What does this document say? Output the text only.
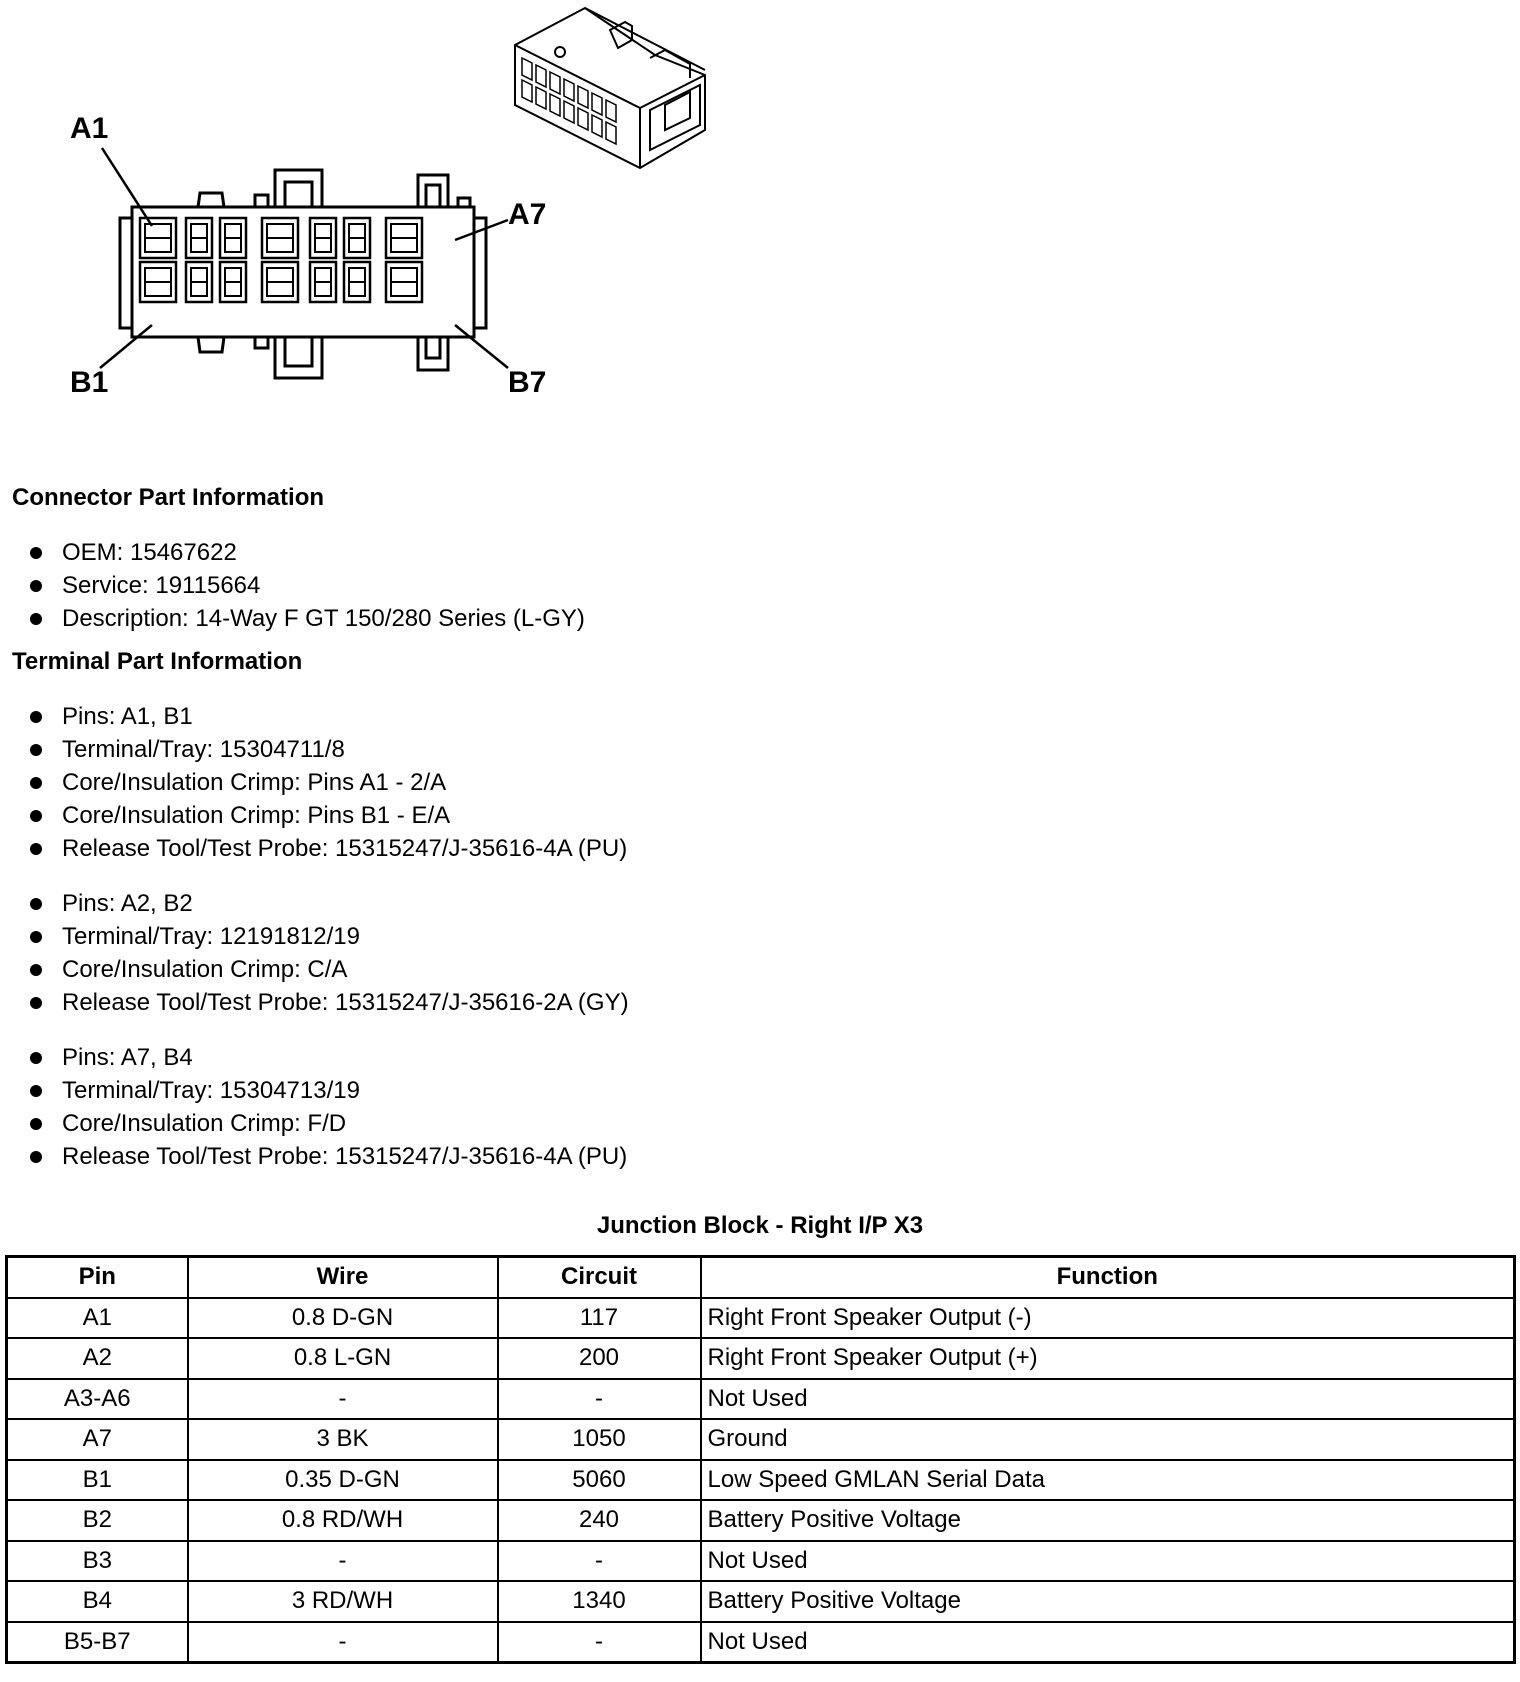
A1
A7
B1	B7
Connector Part Information
OEM: 15467622
Service: 19115664
Description: 14-Way F GT 150/280 Series (L-GY)
Terminal Part Information
Pins: A1, B1
Terminal/Tray: 15304711/8
Core/Insulation Crimp: Pins A1 - 2/A
Core/Insulation Crimp: Pins B1 - E/A
Release Tool/Test Probe: 15315247/J-35616-4A (PU)
Pins: A2, B2
Terminal/Tray: 12191812/19
Core/Insulation Crimp: C/A
Release Tool/Test Probe: 15315247/J-35616-2A (GY)
Pins: A7, B4
Terminal/Tray: 15304713/19
Core/Insulation Crimp: F/D
Release Tool/Test Probe: 15315247/J-35616-4A (PU)
Junction Block - Right I/P X3
Pin	Wire	Circuit	Function
A1	0.8 D-GN	117	Right Front Speaker Output (-)
A2	0.8 L-GN	200	Right Front Speaker Output (+)
A3-A6	-	-	Not Used
A7	3 BK	1050	Ground
B1	0.35 D-GN	5060	Low Speed GMLAN Serial Data
B2	0.8 RD/WH	240	Battery Positive Voltage
B3	-	-	Not Used
B4	3 RD/WH	1340	Battery Positive Voltage
B5-B7	-	-	Not Used
